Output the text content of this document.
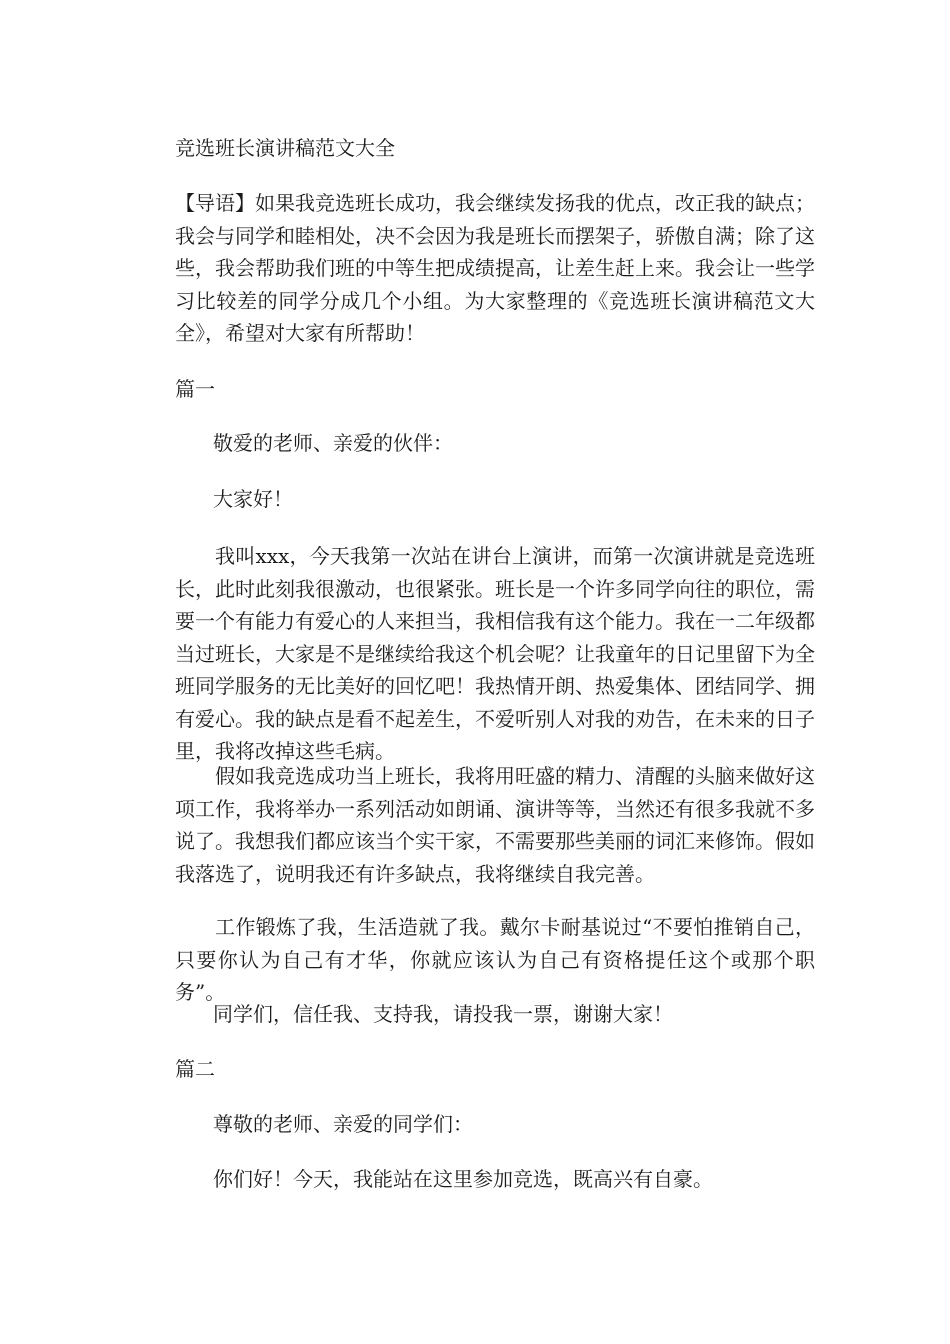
竞选班长演讲稿范文大全

【导语】如果我竞选班长成功，我会继续发扬我的优点，改正我的缺点；我会与同学和睦相处，决不会因为我是班长而摆架子，骄傲自满；除了这些，我会帮助我们班的中等生把成绩提高，让差生赶上来。我会让一些学习比较差的同学分成几个小组。为大家整理的《竞选班长演讲稿范文大全》，希望对大家有所帮助！

篇一

敬爱的老师、亲爱的伙伴：

大家好！

我叫xxx，今天我第一次站在讲台上演讲，而第一次演讲就是竞选班长，此时此刻我很激动，也很紧张。班长是一个许多同学向往的职位，需要一个有能力有爱心的人来担当，我相信我有这个能力。我在一二年级都当过班长，大家是不是继续给我这个机会呢？让我童年的日记里留下为全班同学服务的无比美好的回忆吧！我热情开朗、热爱集体、团结同学、拥有爱心。我的缺点是看不起差生，不爱听别人对我的劝告，在未来的日子里，我将改掉这些毛病。

假如我竞选成功当上班长，我将用旺盛的精力、清醒的头脑来做好这项工作，我将举办一系列活动如朗诵、演讲等等，当然还有很多我就不多说了。我想我们都应该当个实干家，不需要那些美丽的词汇来修饰。假如我落选了，说明我还有许多缺点，我将继续自我完善。

工作锻炼了我，生活造就了我。戴尔卡耐基说过“不要怕推销自己，只要你认为自己有才华，你就应该认为自己有资格提任这个或那个职务”。

同学们，信任我、支持我，请投我一票，谢谢大家！

篇二

尊敬的老师、亲爱的同学们：

你们好！今天，我能站在这里参加竞选，既高兴有自豪。
